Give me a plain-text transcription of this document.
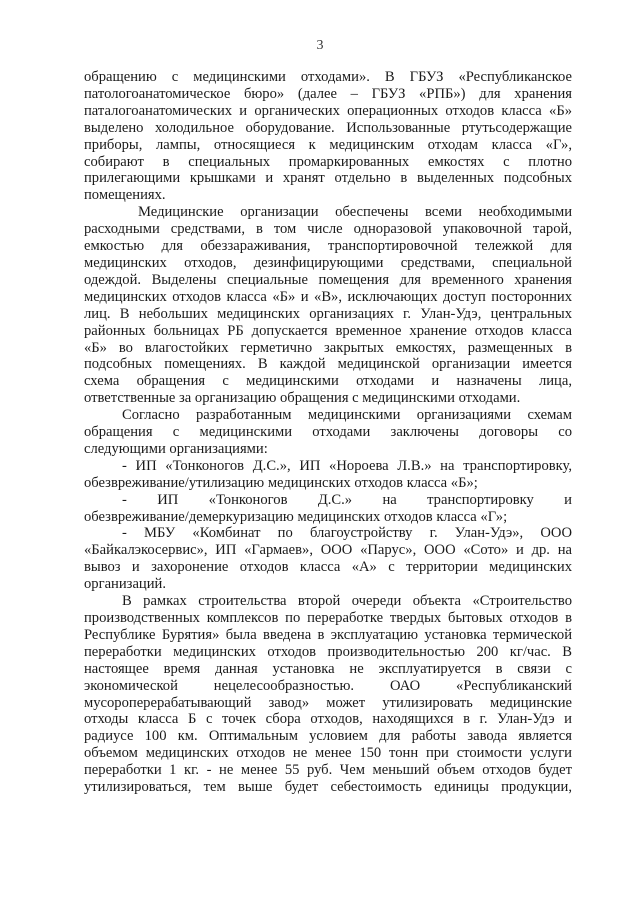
3

обращению с медицинскими отходами». В ГБУЗ «Республиканское
патологоанатомическое бюро» (далее – ГБУЗ «РПБ») для хранения
паталогоанатомических и органических операционных отходов класса «Б»
выделено холодильное оборудование. Использованные ртутьсодержащие
приборы, лампы, относящиеся к медицинским отходам класса «Г»,
собирают в специальных промаркированных емкостях с плотно
прилегающими крышками и хранят отдельно в выделенных подсобных
помещениях.

Медицинские организации обеспечены всеми необходимыми
расходными средствами, в том числе одноразовой упаковочной тарой,
емкостью для обеззараживания, транспортировочной тележкой для
медицинских отходов, дезинфицирующими средствами, специальной
одеждой. Выделены специальные помещения для временного хранения
медицинских отходов класса «Б» и «В», исключающих доступ посторонних
лиц. В небольших медицинских организациях г. Улан-Удэ, центральных
районных больницах РБ допускается временное хранение отходов класса
«Б» во влагостойких герметично закрытых емкостях, размещенных в
подсобных помещениях. В каждой медицинской организации имеется
схема обращения с медицинскими отходами и назначены лица,
ответственные за организацию обращения с медицинскими отходами.

Согласно разработанным медицинскими организациями схемам
обращения с медицинскими отходами заключены договоры со
следующими организациями:

- ИП «Тонконогов Д.С.», ИП «Нороева Л.В.» на транспортировку,
обезвреживание/утилизацию медицинских отходов класса «Б»;

- ИП «Тонконогов Д.С.» на транспортировку и
обезвреживание/демеркуризацию медицинских отходов класса «Г»;

- МБУ «Комбинат по благоустройству г. Улан-Удэ», ООО
«Байкалэкосервис», ИП «Гармаев», ООО «Парус», ООО «Сото» и др. на
вывоз и захоронение отходов класса «А» с территории медицинских
организаций.

В рамках строительства второй очереди объекта «Строительство
производственных комплексов по переработке твердых бытовых отходов в
Республике Бурятия» была введена в эксплуатацию установка термической
переработки медицинских отходов производительностью 200 кг/час. В
настоящее время данная установка не эксплуатируется в связи с
экономической нецелесообразностью. ОАО «Республиканский
мусороперерабатывающий завод» может утилизировать медицинские
отходы класса Б с точек сбора отходов, находящихся в г. Улан-Удэ и
радиусе 100 км. Оптимальным условием для работы завода является
объемом медицинских отходов не менее 150 тонн при стоимости услуги
переработки 1 кг. - не менее 55 руб. Чем меньший объем отходов будет
утилизироваться, тем выше будет себестоимость единицы продукции,
